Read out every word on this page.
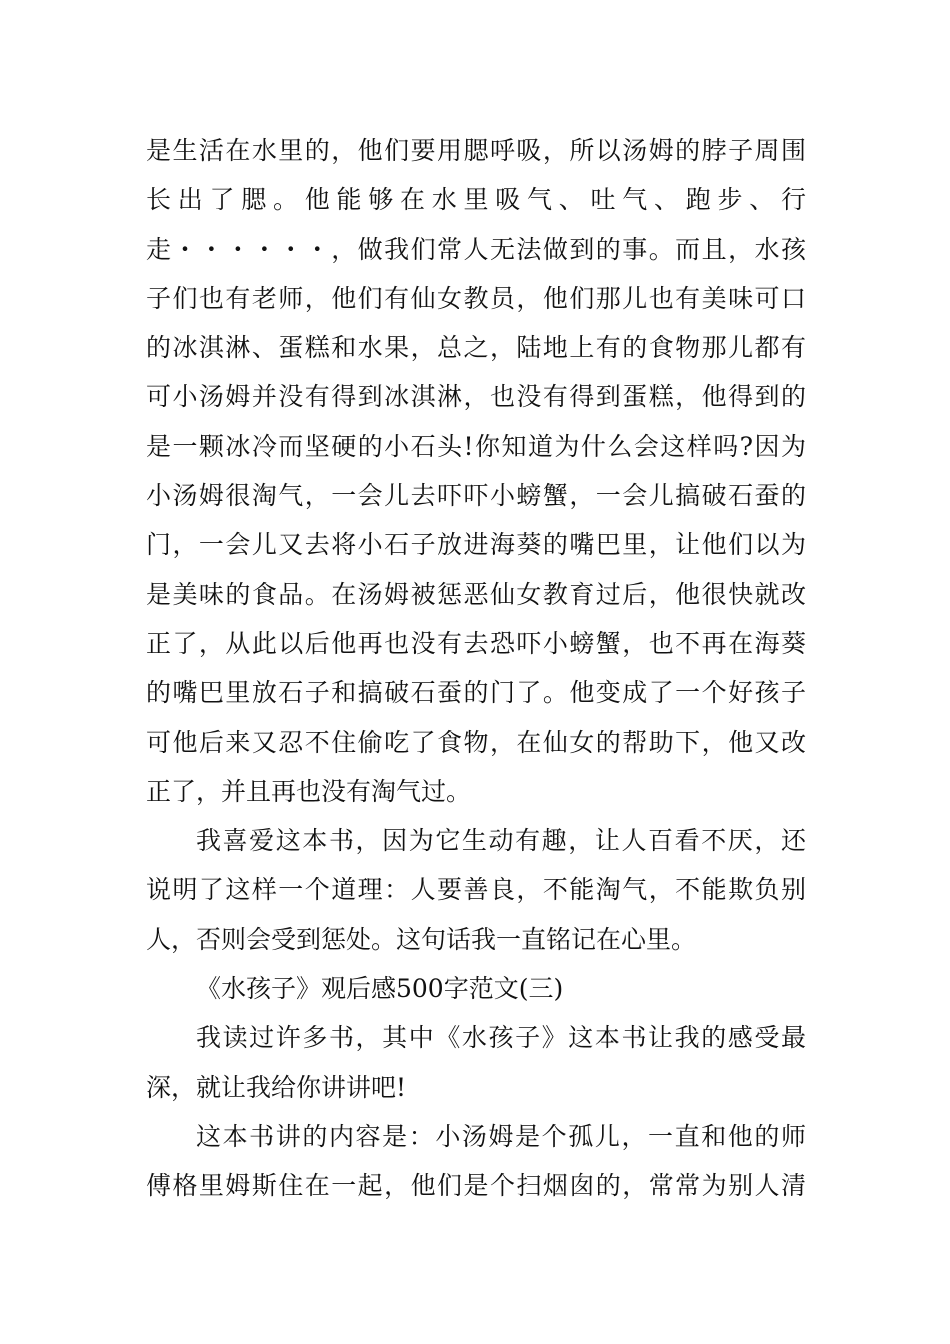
是生活在水里的，他们要用腮呼吸，所以汤姆的脖子周围
长出了腮。他能够在水里吸气、吐气、跑步、行
走・・・・・・，做我们常人无法做到的事。而且，水孩
子们也有老师，他们有仙女教员，他们那儿也有美味可口
的冰淇淋、蛋糕和水果，总之，陆地上有的食物那儿都有
可小汤姆并没有得到冰淇淋，也没有得到蛋糕，他得到的
是一颗冰冷而坚硬的小石头!你知道为什么会这样吗?因为
小汤姆很淘气，一会儿去吓吓小螃蟹，一会儿搞破石蚕的
门，一会儿又去将小石子放进海葵的嘴巴里，让他们以为
是美味的食品。在汤姆被惩恶仙女教育过后，他很快就改
正了，从此以后他再也没有去恐吓小螃蟹，也不再在海葵
的嘴巴里放石子和搞破石蚕的门了。他变成了一个好孩子
可他后来又忍不住偷吃了食物，在仙女的帮助下，他又改
正了，并且再也没有淘气过。
我喜爱这本书，因为它生动有趣，让人百看不厌，还
说明了这样一个道理：人要善良，不能淘气，不能欺负别
人，否则会受到惩处。这句话我一直铭记在心里。
《水孩子》观后感500字范文(三)
我读过许多书，其中《水孩子》这本书让我的感受最
深，就让我给你讲讲吧!
这本书讲的内容是：小汤姆是个孤儿，一直和他的师
傅格里姆斯住在一起，他们是个扫烟囱的，常常为别人清
